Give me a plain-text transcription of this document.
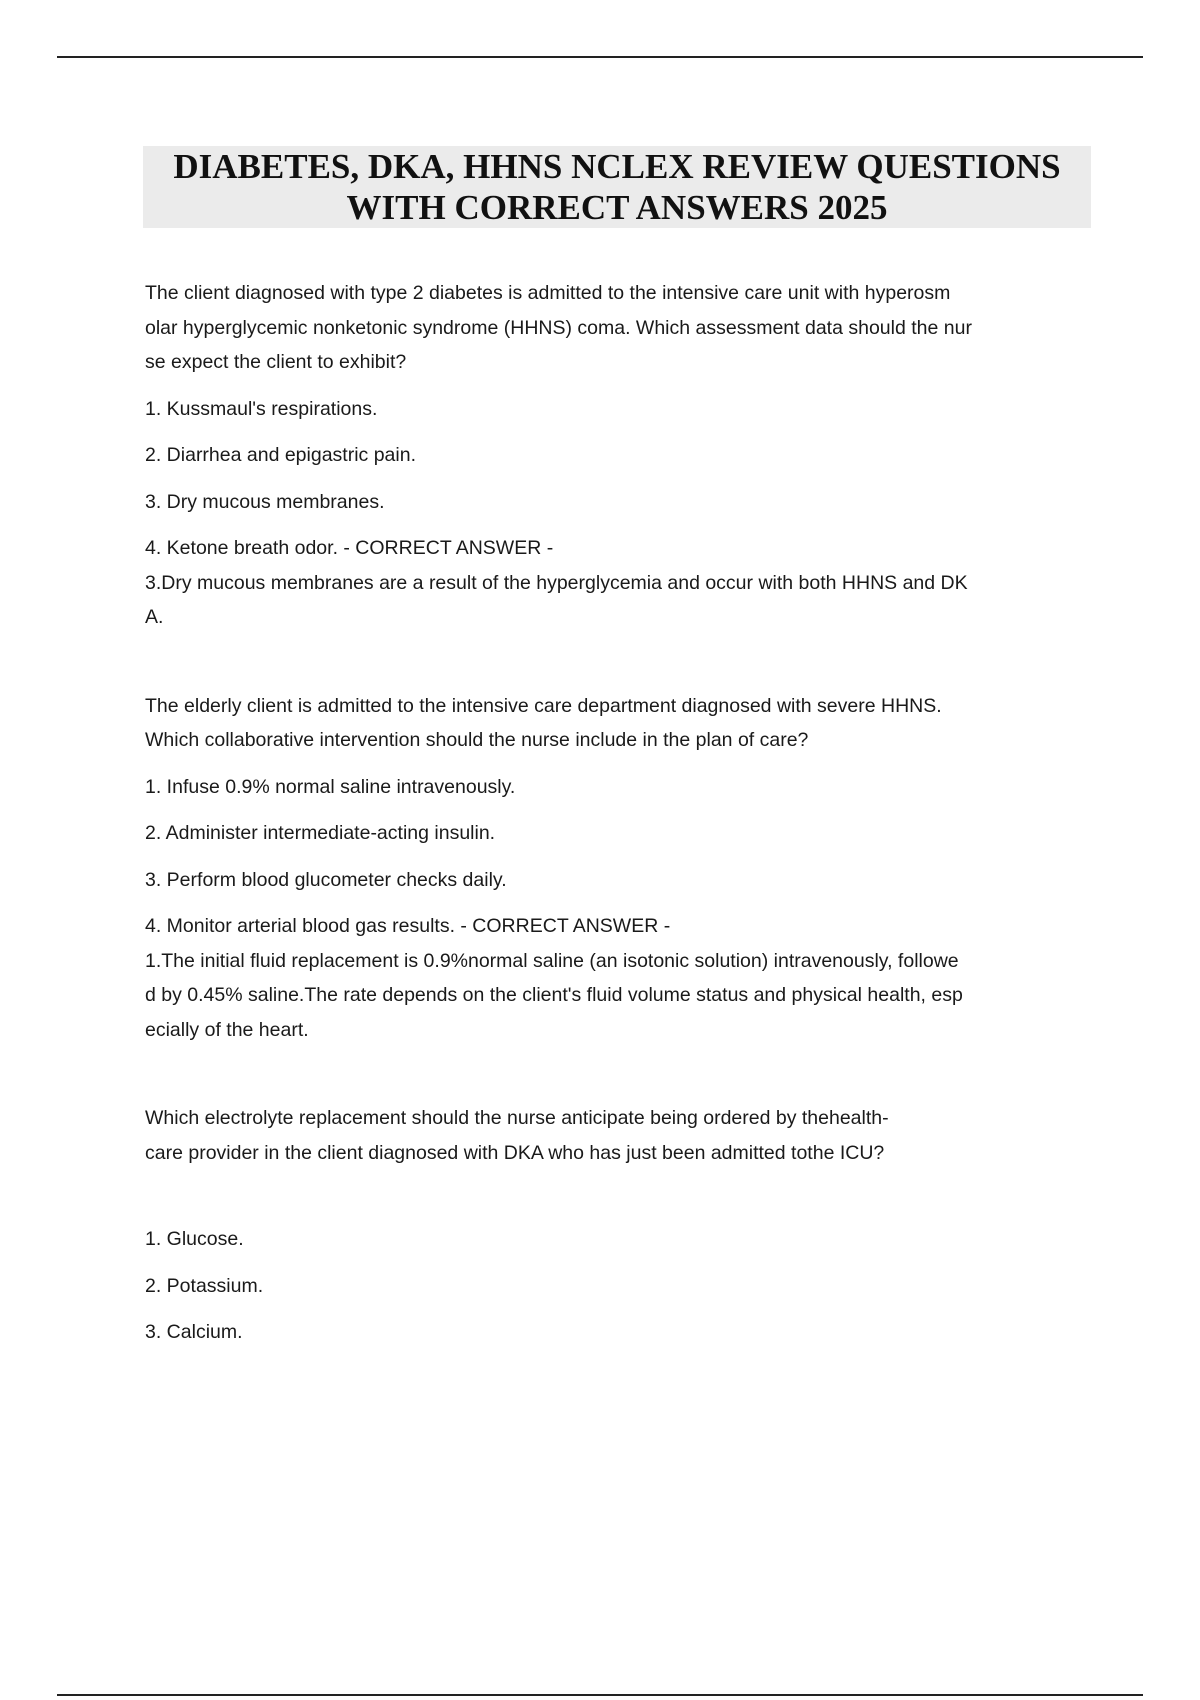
DIABETES, DKA, HHNS NCLEX REVIEW QUESTIONS
WITH CORRECT ANSWERS 2025

The client diagnosed with type 2 diabetes is admitted to the intensive care unit with hyperosm
olar hyperglycemic nonketonic syndrome (HHNS) coma. Which assessment data should the nur
se expect the client to exhibit?

1. Kussmaul's respirations.

2. Diarrhea and epigastric pain.

3. Dry mucous membranes.

4. Ketone breath odor. - CORRECT ANSWER -

3.Dry mucous membranes are a result of the hyperglycemia and occur with both HHNS and DK
A.

The elderly client is admitted to the intensive care department diagnosed with severe HHNS.
Which collaborative intervention should the nurse include in the plan of care?

1. Infuse 0.9% normal saline intravenously.

2. Administer intermediate-acting insulin.

3. Perform blood glucometer checks daily.

4. Monitor arterial blood gas results. - CORRECT ANSWER -

1.The initial fluid replacement is 0.9%normal saline (an isotonic solution) intravenously, followe
d by 0.45% saline.The rate depends on the client's fluid volume status and physical health, esp
ecially of the heart.

Which electrolyte replacement should the nurse anticipate being ordered by thehealth-
care provider in the client diagnosed with DKA who has just been admitted tothe ICU?

1. Glucose.

2. Potassium.

3. Calcium.
